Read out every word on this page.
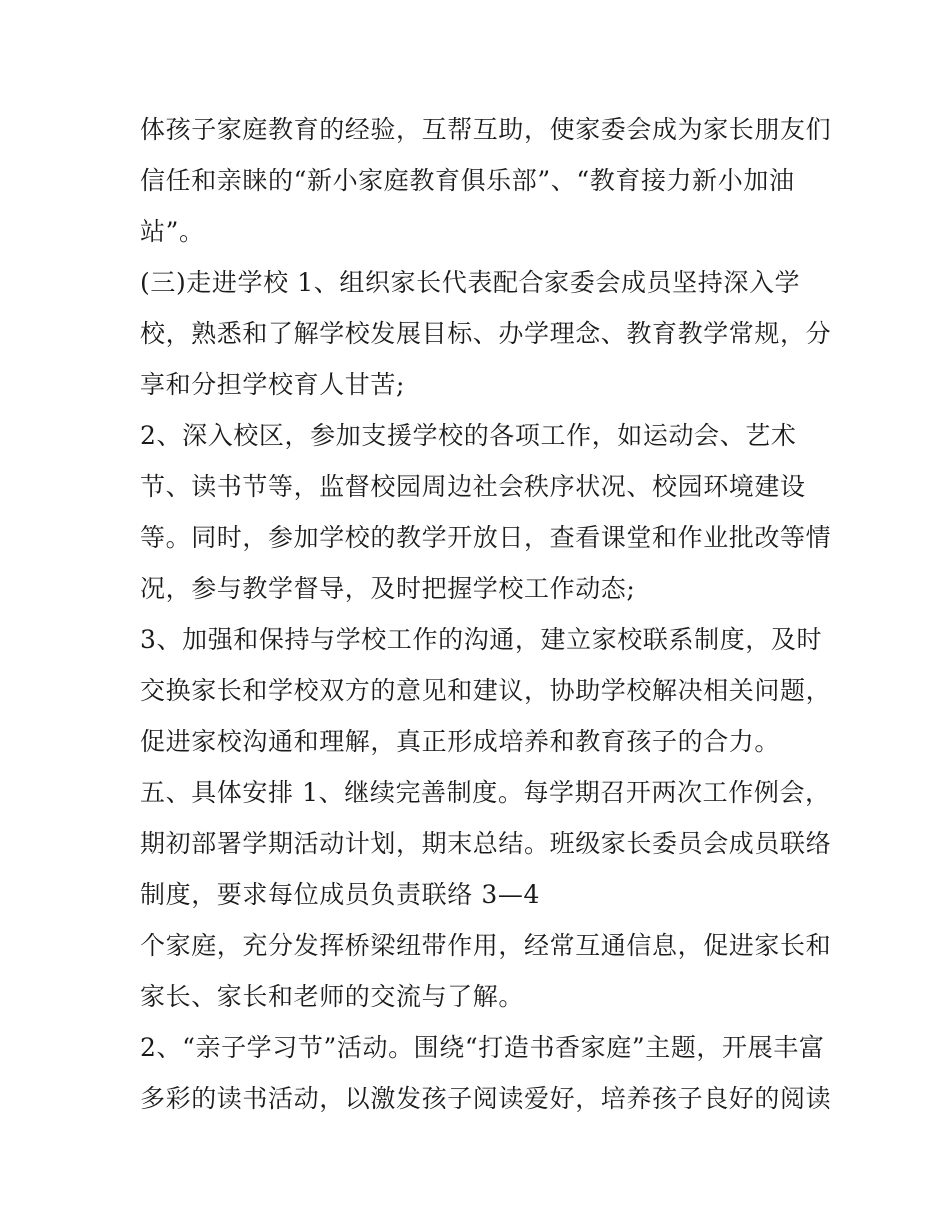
体孩子家庭教育的经验，互帮互助，使家委会成为家长朋友们
信任和亲睐的“新小家庭教育俱乐部”、“教育接力新小加油
站”。
(三)走进学校 1、组织家长代表配合家委会成员坚持深入学
校，熟悉和了解学校发展目标、办学理念、教育教学常规，分
享和分担学校育人甘苦;
2、深入校区，参加支援学校的各项工作，如运动会、艺术
节、读书节等，监督校园周边社会秩序状况、校园环境建设
等。同时，参加学校的教学开放日，查看课堂和作业批改等情
况，参与教学督导，及时把握学校工作动态;
3、加强和保持与学校工作的沟通，建立家校联系制度，及时
交换家长和学校双方的意见和建议，协助学校解决相关问题，
促进家校沟通和理解，真正形成培养和教育孩子的合力。
五、具体安排 1、继续完善制度。每学期召开两次工作例会，
期初部署学期活动计划，期末总结。班级家长委员会成员联络
制度，要求每位成员负责联络 3—4
个家庭，充分发挥桥梁纽带作用，经常互通信息，促进家长和
家长、家长和老师的交流与了解。
2、“亲子学习节”活动。围绕“打造书香家庭”主题，开展丰富
多彩的读书活动，以激发孩子阅读爱好，培养孩子良好的阅读
